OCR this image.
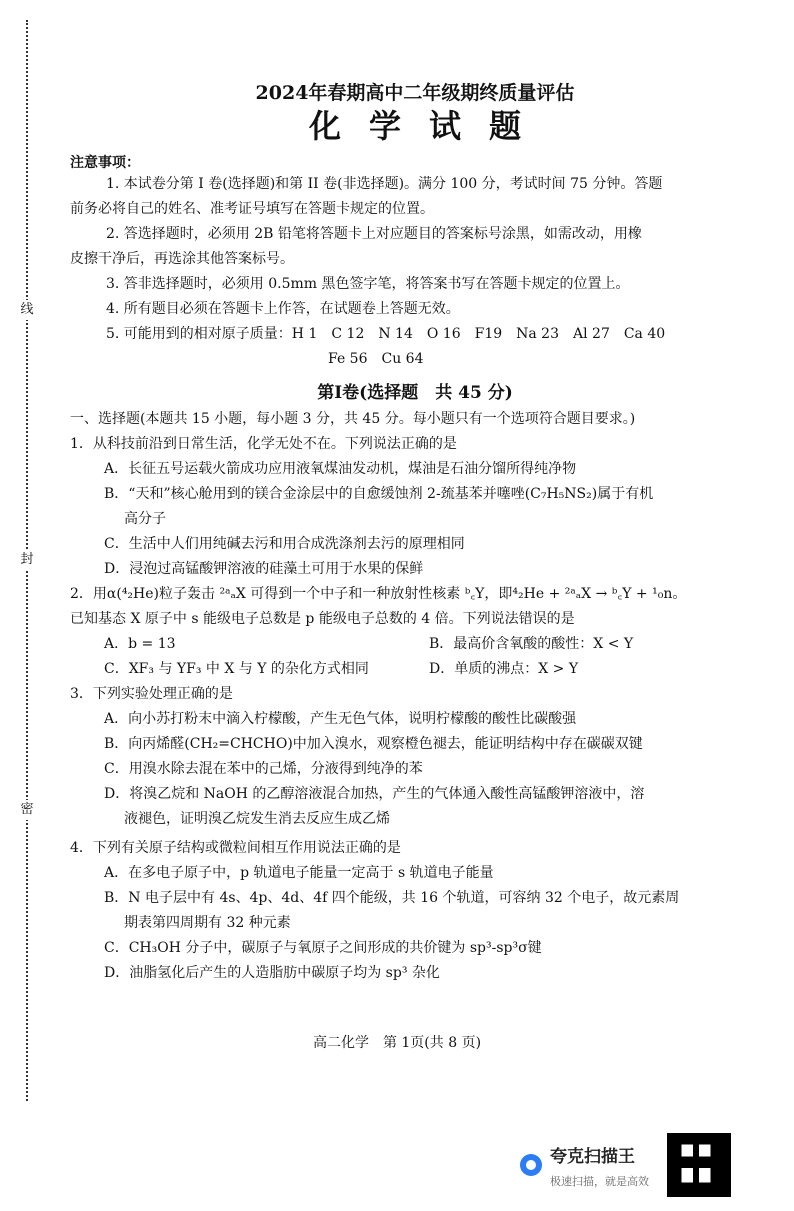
线
封
密
2024年春期高中二年级期终质量评估
化学试题
注意事项：
1. 本试卷分第 I 卷(选择题)和第 II 卷(非选择题)。满分 100 分，考试时间 75 分钟。答题
前务必将自己的姓名、准考证号填写在答题卡规定的位置。
2. 答选择题时，必须用 2B 铅笔将答题卡上对应题目的答案标号涂黑，如需改动，用橡
皮擦干净后，再选涂其他答案标号。
3. 答非选择题时，必须用 0.5mm 黑色签字笔，将答案书写在答题卡规定的位置上。
4. 所有题目必须在答题卡上作答，在试题卷上答题无效。
5. 可能用到的相对原子质量：H 1　C 12　N 14　O 16　F19　Na 23　Al 27　Ca 40
Fe 56　Cu 64
第I卷(选择题　共 45 分)
一、选择题(本题共 15 小题，每小题 3 分，共 45 分。每小题只有一个选项符合题目要求。)
1．从科技前沿到日常生活，化学无处不在。下列说法正确的是
A．长征五号运载火箭成功应用液氧煤油发动机，煤油是石油分馏所得纯净物
B．“天和”核心舱用到的镁合金涂层中的自愈缓蚀剂 2-巯基苯并噻唑(C₇H₅NS₂)属于有机
高分子
C．生活中人们用纯碱去污和用合成洗涤剂去污的原理相同
D．浸泡过高锰酸钾溶液的硅藻土可用于水果的保鲜
2．用α(⁴₂He)粒子轰击 ²ᵃₐX 可得到一个中子和一种放射性核素 ᵇ꜀Y，即⁴₂He + ²ᵃₐX → ᵇ꜀Y + ¹₀n。
已知基态 X 原子中 s 能级电子总数是 p 能级电子总数的 4 倍。下列说法错误的是
A．b = 13	B．最高价含氧酸的酸性：X < Y
C．XF₃ 与 YF₃ 中 X 与 Y 的杂化方式相同	D．单质的沸点：X > Y
3．下列实验处理正确的是
A．向小苏打粉末中滴入柠檬酸，产生无色气体，说明柠檬酸的酸性比碳酸强
B．向丙烯醛(CH₂=CHCHO)中加入溴水，观察橙色褪去，能证明结构中存在碳碳双键
C．用溴水除去混在苯中的己烯，分液得到纯净的苯
D．将溴乙烷和 NaOH 的乙醇溶液混合加热，产生的气体通入酸性高锰酸钾溶液中，溶
液褪色，证明溴乙烷发生消去反应生成乙烯
4．下列有关原子结构或微粒间相互作用说法正确的是
A．在多电子原子中，p 轨道电子能量一定高于 s 轨道电子能量
B．N 电子层中有 4s、4p、4d、4f 四个能级，共 16 个轨道，可容纳 32 个电子，故元素周
期表第四周期有 32 种元素
C．CH₃OH 分子中，碳原子与氧原子之间形成的共价键为 sp³-sp³σ键
D．油脂氢化后产生的人造脂肪中碳原子均为 sp³ 杂化
高二化学　第 1页(共 8 页)
夸克扫描王
极速扫描，就是高效
